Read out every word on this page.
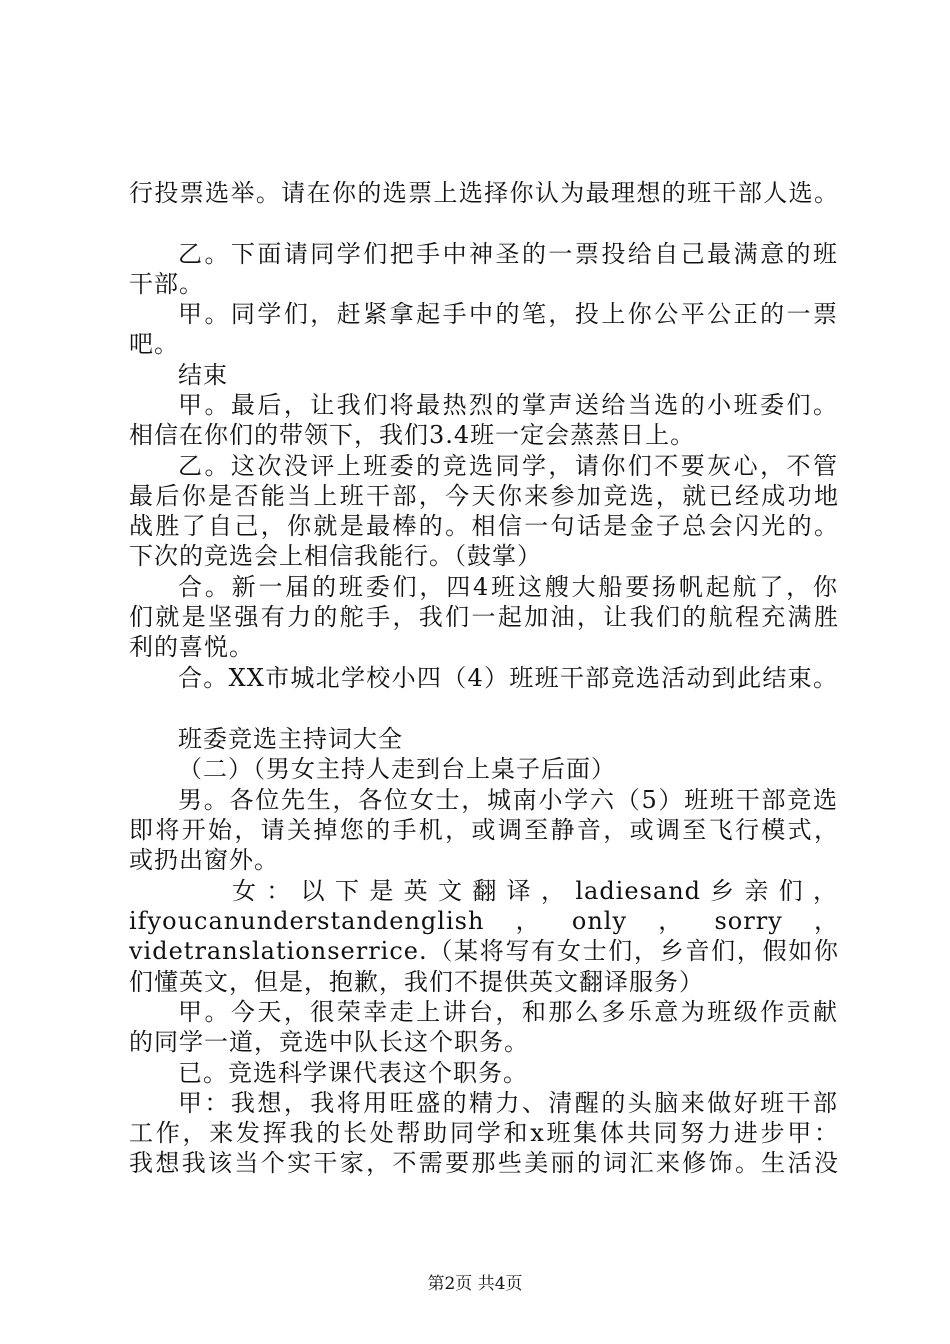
行投票选举。请在你的选票上选择你认为最理想的班干部人选。
乙。下面请同学们把手中神圣的一票投给自己最满意的班
干部。
甲。同学们，赶紧拿起手中的笔，投上你公平公正的一票
吧。
结束
甲。最后，让我们将最热烈的掌声送给当选的小班委们。
相信在你们的带领下，我们3.4班一定会蒸蒸日上。
乙。这次没评上班委的竞选同学，请你们不要灰心，不管
最后你是否能当上班干部，今天你来参加竞选，就已经成功地
战胜了自己，你就是最棒的。相信一句话是金子总会闪光的。
下次的竞选会上相信我能行。（鼓掌）
合。新一届的班委们，四4班这艘大船要扬帆起航了，你
们就是坚强有力的舵手，我们一起加油，让我们的航程充满胜
利的喜悦。
合。XX市城北学校小四（4）班班干部竞选活动到此结束。
班委竞选主持词大全
（二）（男女主持人走到台上桌子后面）
男。各位先生，各位女士，城南小学六（5）班班干部竞选
即将开始，请关掉您的手机，或调至静音，或调至飞行模式，
或扔出窗外。
女 ： 以 下 是 英 文 翻 译 ， ladiesand 乡 亲 们 ，
ifyoucanunderstandenglish，only，sorry，
videtranslationserrice.（某将写有女士们，乡音们，假如你
们懂英文，但是，抱歉，我们不提供英文翻译服务）
甲。今天，很荣幸走上讲台，和那么多乐意为班级作贡献
的同学一道，竞选中队长这个职务。
已。竞选科学课代表这个职务。
甲：我想，我将用旺盛的精力、清醒的头脑来做好班干部
工作，来发挥我的长处帮助同学和x班集体共同努力进步甲：
我想我该当个实干家，不需要那些美丽的词汇来修饰。生活没
第2页 共4页
